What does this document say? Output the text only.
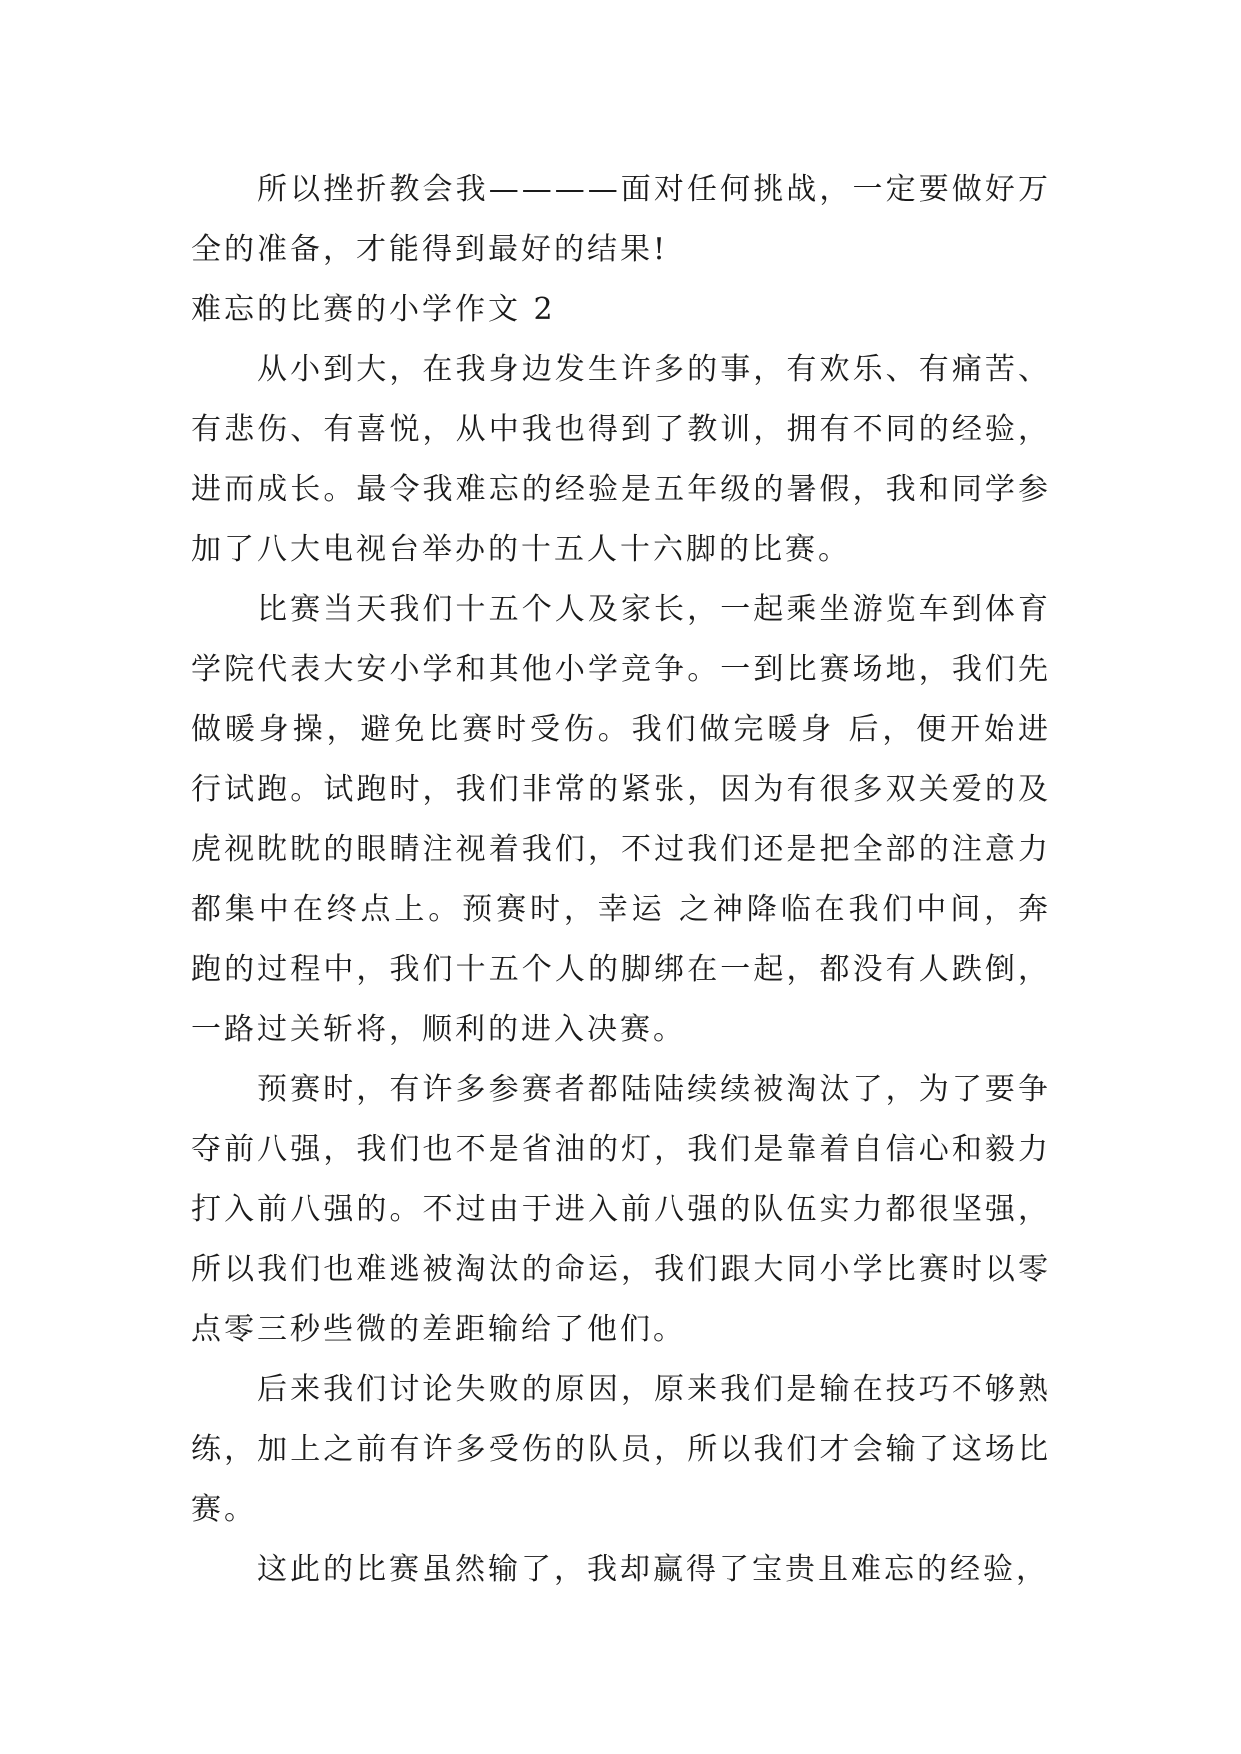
所以挫折教会我————面对任何挑战，一定要做好万全的准备，才能得到最好的结果!

难忘的比赛的小学作文 2

从小到大，在我身边发生许多的事，有欢乐、有痛苦、有悲伤、有喜悦，从中我也得到了教训，拥有不同的经验，进而成长。最令我难忘的经验是五年级的暑假，我和同学参加了八大电视台举办的十五人十六脚的比赛。

比赛当天我们十五个人及家长，一起乘坐游览车到体育学院代表大安小学和其他小学竞争。一到比赛场地，我们先做暖身操，避免比赛时受伤。我们做完暖身 后，便开始进行试跑。试跑时，我们非常的紧张，因为有很多双关爱的及虎视眈眈的眼睛注视着我们，不过我们还是把全部的注意力都集中在终点上。预赛时，幸运 之神降临在我们中间，奔跑的过程中，我们十五个人的脚绑在一起，都没有人跌倒，一路过关斩将，顺利的进入决赛。

预赛时，有许多参赛者都陆陆续续被淘汰了，为了要争夺前八强，我们也不是省油的灯，我们是靠着自信心和毅力打入前八强的。不过由于进入前八强的队伍实力都很坚强，所以我们也难逃被淘汰的命运，我们跟大同小学比赛时以零点零三秒些微的差距输给了他们。

后来我们讨论失败的原因，原来我们是输在技巧不够熟练，加上之前有许多受伤的队员，所以我们才会输了这场比赛。

这此的比赛虽然输了，我却赢得了宝贵且难忘的经验，
